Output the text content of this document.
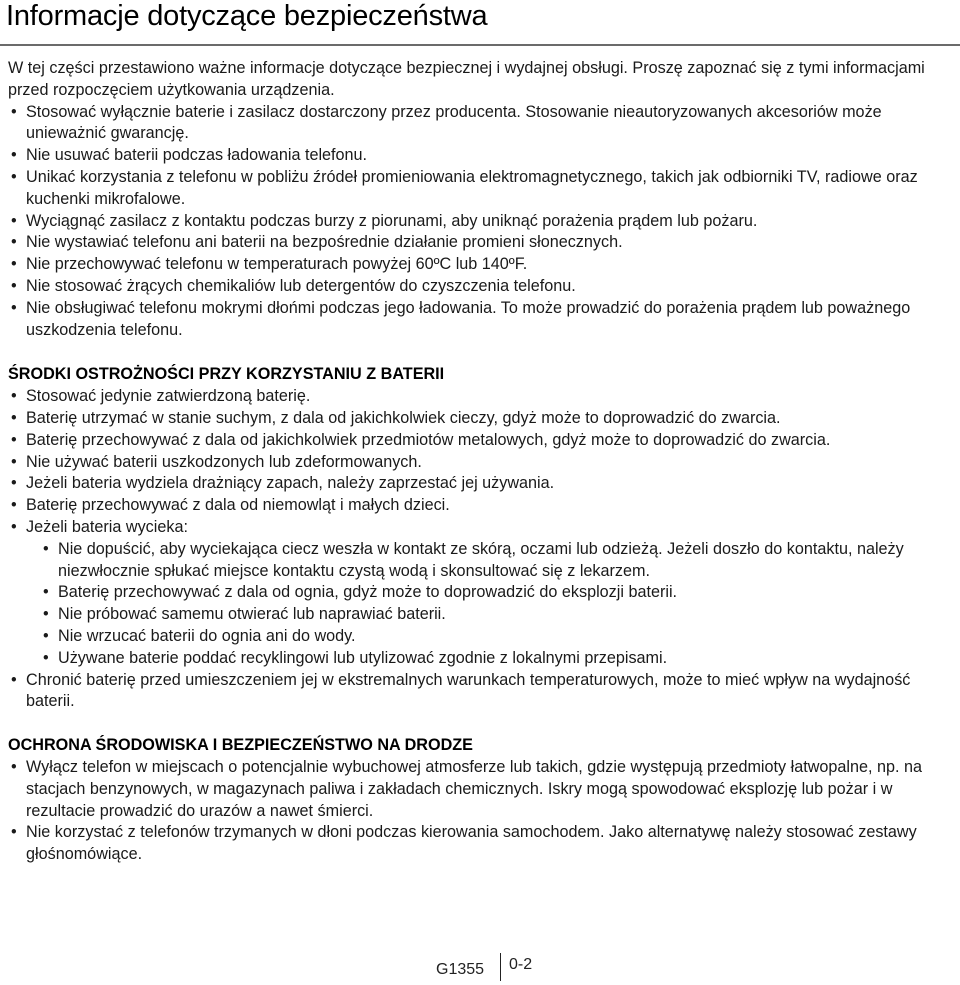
Informacje dotyczące bezpieczeństwa

W tej części przestawiono ważne informacje dotyczące bezpiecznej i wydajnej obsługi. Proszę zapoznać się z tymi informacjami przed rozpoczęciem użytkowania urządzenia.

• Stosować wyłącznie baterie i zasilacz dostarczony przez producenta. Stosowanie nieautoryzowanych akcesoriów może unieważnić gwarancję.
• Nie usuwać baterii podczas ładowania telefonu.
• Unikać korzystania z telefonu w pobliżu źródeł promieniowania elektromagnetycznego, takich jak odbiorniki TV, radiowe oraz kuchenki mikrofalowe.
• Wyciągnąć zasilacz z kontaktu podczas burzy z piorunami, aby uniknąć porażenia prądem lub pożaru.
• Nie wystawiać telefonu ani baterii na bezpośrednie działanie promieni słonecznych.
• Nie przechowywać telefonu w temperaturach powyżej 60ºC lub 140ºF.
• Nie stosować żrących chemikaliów lub detergentów do czyszczenia telefonu.
• Nie obsługiwać telefonu mokrymi dłońmi podczas jego ładowania. To może prowadzić do porażenia prądem lub poważnego uszkodzenia telefonu.
ŚRODKI OSTROŻNOŚCI PRZY KORZYSTANIU Z BATERII
• Stosować jedynie zatwierdzoną baterię.
• Baterię utrzymać w stanie suchym, z dala od jakichkolwiek cieczy, gdyż może to doprowadzić do zwarcia.
• Baterię przechowywać z dala od jakichkolwiek przedmiotów metalowych, gdyż może to doprowadzić do zwarcia.
• Nie używać baterii uszkodzonych lub zdeformowanych.
• Jeżeli bateria wydziela drażniący zapach, należy zaprzestać jej używania.
• Baterię przechowywać z dala od niemowląt i małych dzieci.
• Jeżeli bateria wycieka:
• Nie dopuścić, aby wyciekająca ciecz weszła w kontakt ze skórą, oczami lub odzieżą. Jeżeli doszło do kontaktu, należy niezwłocznie spłukać miejsce kontaktu czystą wodą i skonsultować się z lekarzem.
• Baterię przechowywać z dala od ognia, gdyż może to doprowadzić do eksplozji baterii.
• Nie próbować samemu otwierać lub naprawiać baterii.
• Nie wrzucać baterii do ognia ani do wody.
• Używane baterie poddać recyklingowi lub utylizować zgodnie z lokalnymi przepisami.
• Chronić baterię przed umieszczeniem jej w ekstremalnych warunkach temperaturowych, może to mieć wpływ na wydajność baterii.
OCHRONA ŚRODOWISKA I BEZPIECZEŃSTWO NA DRODZE
• Wyłącz telefon w miejscach o potencjalnie wybuchowej atmosferze lub takich, gdzie występują przedmioty łatwopalne, np. na stacjach benzynowych, w magazynach paliwa i zakładach chemicznych. Iskry mogą spowodować eksplozję lub pożar i w rezultacie prowadzić do urazów a nawet śmierci.
• Nie korzystać z telefonów trzymanych w dłoni podczas kierowania samochodem. Jako alternatywę należy stosować zestawy głośnomówiące.
G1355 0-2
